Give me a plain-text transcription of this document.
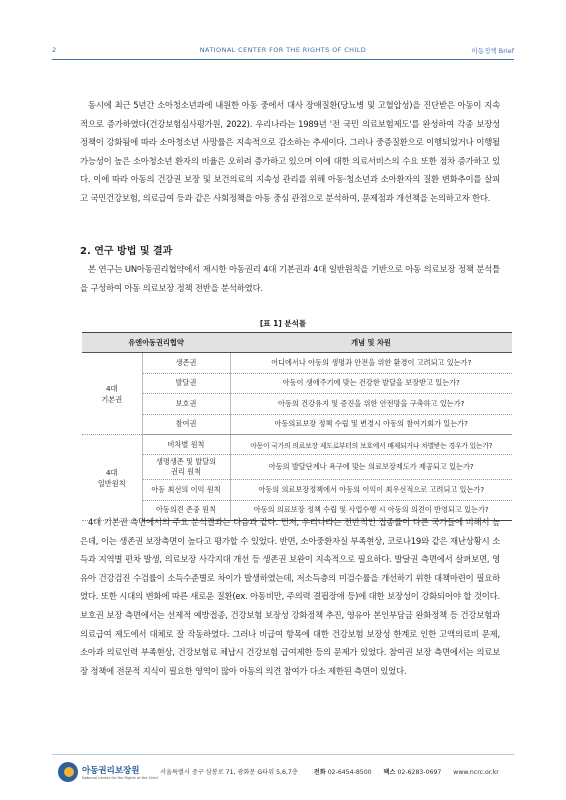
2	NATIONAL CENTER FOR THE RIGHTS OF CHILD	아동정책 Brief
동시에 최근 5년간 소아청소년과에 내원한 아동 중에서 대사 장애질환(당뇨병 및 고혈압성)을 진단받은 아동이 지속적으로 증가하였다(건강보험심사평가원, 2022). 우리나라는 1989년 '전 국민 의료보험제도'를 완성하여 각종 보장성 정책이 강화됨에 따라 소아청소년 사망률은 지속적으로 감소하는 추세이다. 그러나 중증질환으로 이행되었거나 이행될 가능성이 높은 소아청소년 환자의 비율은 오히려 증가하고 있으며 이에 대한 의료서비스의 수요 또한 점차 증가하고 있다. 이에 따라 아동의 건강권 보장 및 보건의료의 지속성 관리를 위해 아동·청소년과 소아환자의 질환 변화추이를 살피고 국민건강보험, 의료급여 등과 같은 사회정책을 아동 중심 관점으로 분석하여, 문제점과 개선책을 논의하고자 한다.
2. 연구 방법 및 결과
본 연구는 UN아동권리협약에서 제시한 아동권리 4대 기본권과 4대 일반원칙을 기반으로 아동 의료보장 정책 분석틀을 구성하여 아동 의료보장 정책 전반을 분석하였다.
[표 1] 분석틀
유엔아동권리협약		개념 및 차원
4대
기본권	생존권	어디에서나 아동의 생명과 안전을 위한 환경이 고려되고 있는가?
	발달권	아동이 생애주기에 맞는 건강한 발달을 보장받고 있는가?
	보호권	아동의 건강유지 및 증진을 위한 안전망을 구축하고 있는가?
	참여권	아동의료보장 정책 수립 및 변경시 아동의 참여기회가 있는가?
4대
일반원칙	비차별 원칙	아동이 국가의 의료보장 제도로부터의 보호에서 배제되거나 차별받는 경우가 있는가?
	생명생존 및 발달의
권리 원칙	아동의 발달단계나 욕구에 맞는 의료보장제도가 제공되고 있는가?
	아동 최선의 이익 원칙	아동의 의료보장정책에서 아동의 이익이 최우선적으로 고려되고 있는가?
	아동의견 존중 원칙	아동의 의료보장 정책 수립 및 사업수행 시 아동의 의견이 반영되고 있는가?
4대 기본권 측면에서의 주요 분석결과는 다음과 같다. 먼저, 우리나라는 전반적인 접종률이 다른 국가들에 비해서 높은데, 이는 생존권 보장측면이 높다고 평가할 수 있었다. 반면, 소아중환자실 부족현상, 코로나19와 같은 재난상황시 소득과 지역별 편차 발생, 의료보장 사각지대 개선 등 생존권 보완이 지속적으로 필요하다. 발달권 측면에서 살펴보면, 영유아 건강검진 수검률이 소득수준별로 차이가 발생하였는데, 저소득층의 미검수률을 개선하기 위한 대책마련이 필요하였다. 또한 시대의 변화에 따른 새로운 질환(ex. 아동비만, 주의력 결핍장애 등)에 대한 보장성이 강화되어야 할 것이다. 보호권 보장 측면에서는 선제적 예방접종, 건강보험 보장성 강화정책 추진, 영유아 본인부담금 완화정책 등 건강보험과 의료급여 제도에서 대체로 잘 작동하였다. 그러나 비급여 항목에 대한 건강보험 보장성 한계로 인한 고액의료비 문제, 소아과 의료인력 부족현상, 건강보험료 체납시 건강보험 급여제한 등의 문제가 있었다. 참여권 보장 측면에서는 의료보장 정책에 전문적 지식이 필요한 영역이 많아 아동의 의견 참여가 다소 제한된 측면이 있었다.
아동권리보장원
National Center for the Rights of the Child
서울특별시 중구 삼봉로 71, 광화문 G타워 5,6,7층	전화 02-6454-8500 팩스 02-6283-0697 www.ncrc.or.kr
